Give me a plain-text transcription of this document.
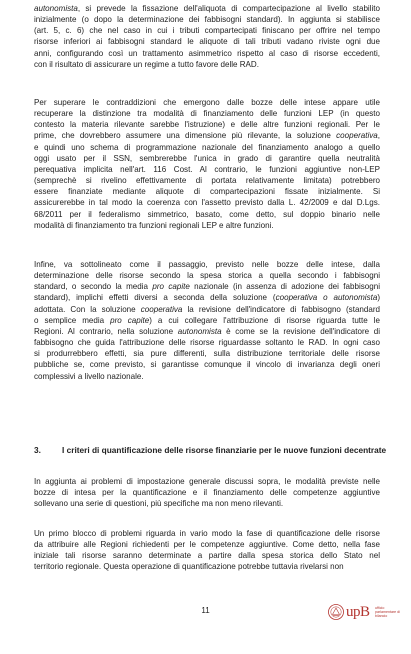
autonomista, si prevede la fissazione dell'aliquota di compartecipazione al livello stabilito
inizialmente (o dopo la determinazione dei fabbisogni standard). In aggiunta si stabilisce
(art. 5, c. 6) che nel caso in cui i tributi compartecipati finiscano per offrire nel tempo
risorse inferiori ai fabbisogni standard le aliquote di tali tributi vadano riviste ogni due
anni, configurando così un trattamento asimmetrico rispetto al caso di risorse eccedenti,
con il risultato di assicurare un regime a tutto favore delle RAD.
Per superare le contraddizioni che emergono dalle bozze delle intese appare utile
recuperare la distinzione tra modalità di finanziamento delle funzioni LEP (in questo
contesto la materia rilevante sarebbe l'istruzione) e delle altre funzioni regionali. Per le
prime, che dovrebbero assumere una dimensione più rilevante, la soluzione cooperativa,
e quindi uno schema di programmazione nazionale del finanziamento analogo a quello
oggi usato per il SSN, sembrerebbe l'unica in grado di garantire quella neutralità
perequativa implicita nell'art. 116 Cost. Al contrario, le funzioni aggiuntive non-LEP
(semprechè si rivelino effettivamente di portata relativamente limitata) potrebbero
essere finanziate mediante aliquote di compartecipazioni fissate inizialmente. Si
assicurerebbe in tal modo la coerenza con l'assetto previsto dalla L. 42/2009 e dal D.Lgs.
68/2011 per il federalismo simmetrico, basato, come detto, sul doppio binario nelle
modalità di finanziamento tra funzioni regionali LEP e altre funzioni.
Infine, va sottolineato come il passaggio, previsto nelle bozze delle intese, dalla
determinazione delle risorse secondo la spesa storica a quella secondo i fabbisogni
standard, o secondo la media pro capite nazionale (in assenza di adozione dei fabbisogni
standard), implichi effetti diversi a seconda della soluzione (cooperativa o autonomista)
adottata. Con la soluzione cooperativa la revisione dell'indicatore di fabbisogno (standard
o semplice media pro capite) a cui collegare l'attribuzione di risorse riguarda tutte le
Regioni. Al contrario, nella soluzione autonomista è come se la revisione dell'indicatore di
fabbisogno che guida l'attribuzione delle risorse riguardasse soltanto le RAD. In ogni caso
si produrrebbero effetti, sia pure differenti, sulla distribuzione territoriale delle risorse
pubbliche se, come previsto, si garantisse comunque il vincolo di invarianza degli oneri
complessivi a livello nazionale.
3.	I criteri di quantificazione delle risorse finanziarie per le nuove funzioni decentrate
In aggiunta ai problemi di impostazione generale discussi sopra, le modalità previste nelle
bozze di intesa per la quantificazione e il finanziamento delle competenze aggiuntive
sollevano una serie di questioni, più specifiche ma non meno rilevanti.
Un primo blocco di problemi riguarda in vario modo la fase di quantificazione delle risorse
da attribuire alle Regioni richiedenti per le competenze aggiuntive. Come detto, nella fase
iniziale tali risorse saranno determinate a partire dalla spesa storica dello Stato nel
territorio regionale. Questa operazione di quantificazione potrebbe tuttavia rivelarsi non
11	upB ufficio parlamentare di bilancio
